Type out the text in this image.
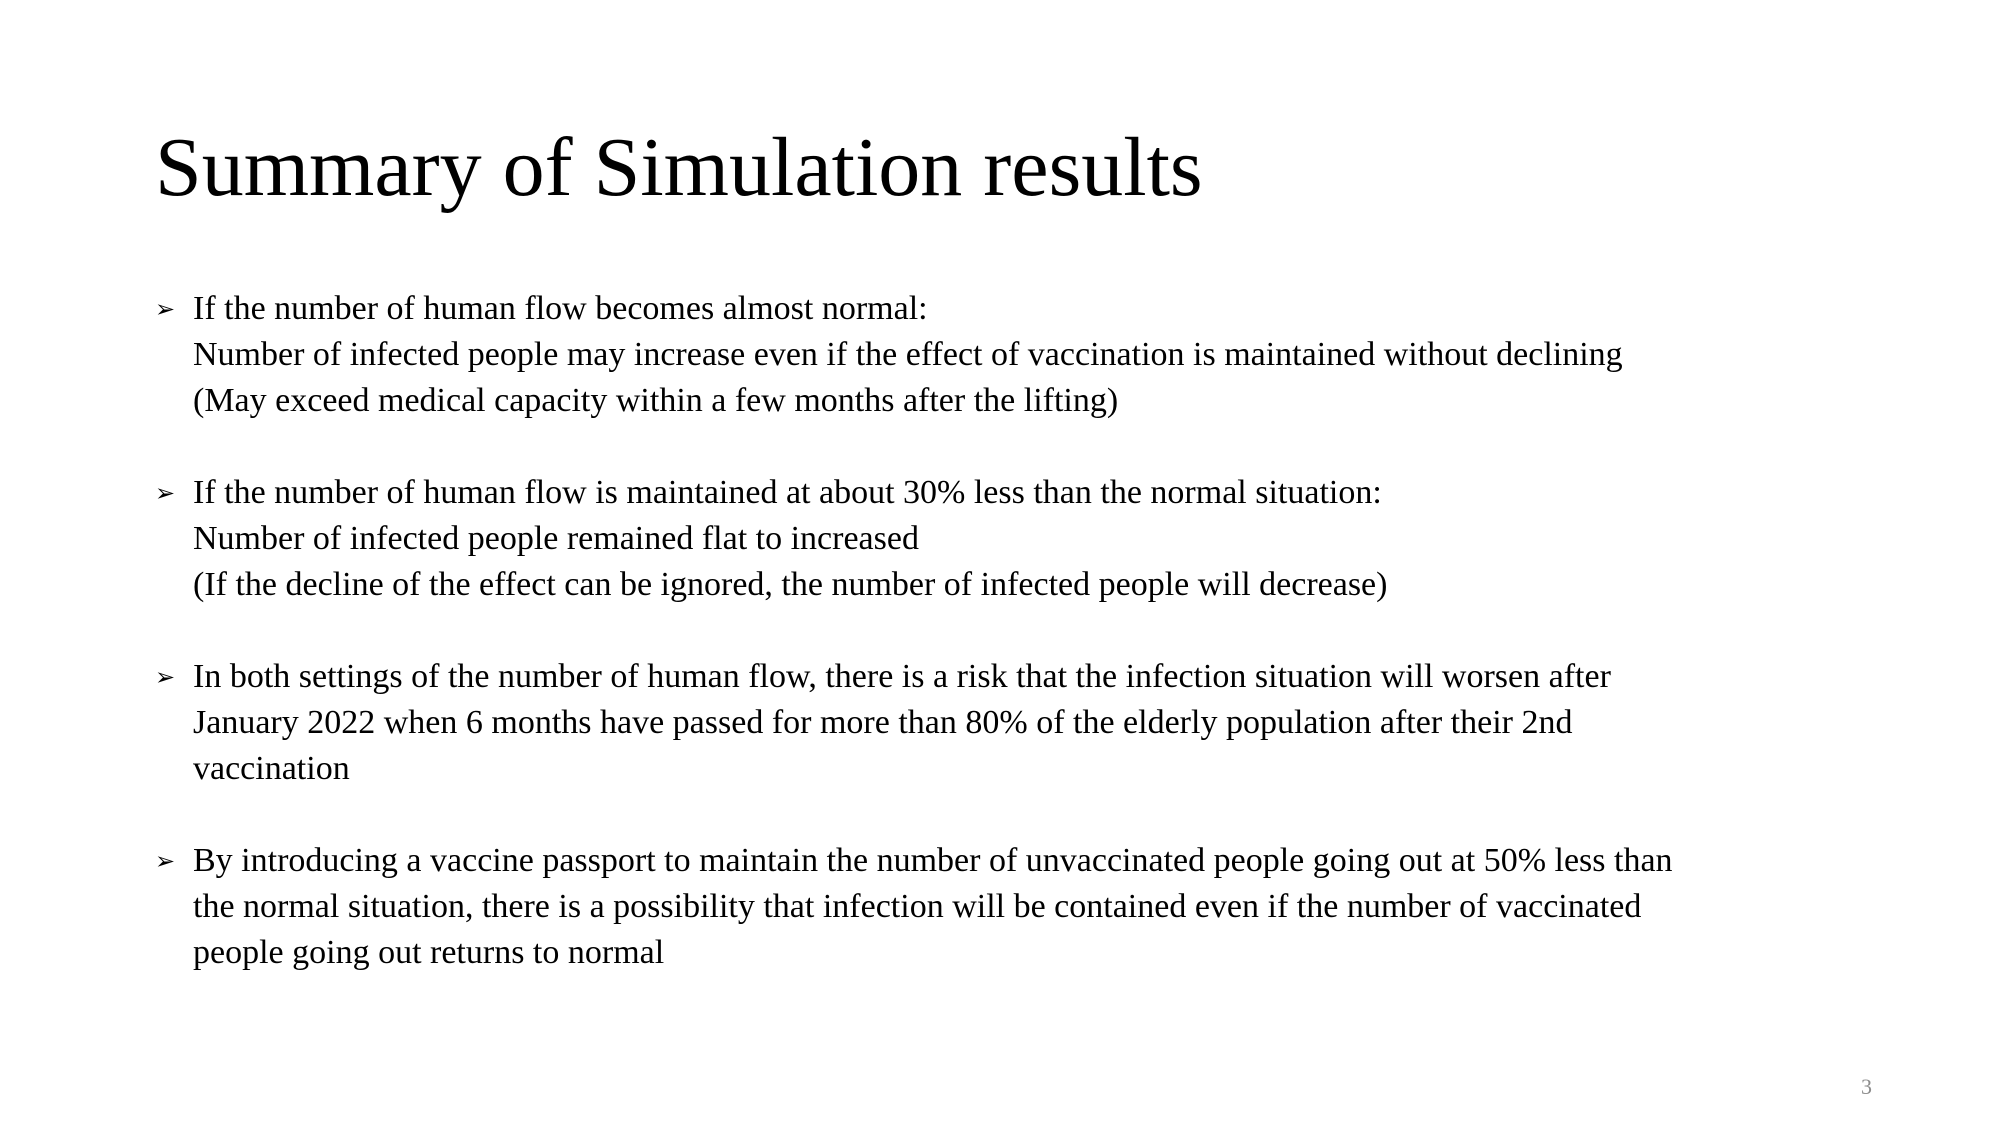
Summary of Simulation results
➢ If the number of human flow becomes almost normal:
Number of infected people may increase even if the effect of vaccination is maintained without declining
(May exceed medical capacity within a few months after the lifting)
➢ If the number of human flow is maintained at about 30% less than the normal situation:
Number of infected people remained flat to increased
(If the decline of the effect can be ignored, the number of infected people will decrease)
➢ In both settings of the number of human flow, there is a risk that the infection situation will worsen after
January 2022 when 6 months have passed for more than 80% of the elderly population after their 2nd
vaccination
➢ By introducing a vaccine passport to maintain the number of unvaccinated people going out at 50% less than
the normal situation, there is a possibility that infection will be contained even if the number of vaccinated
people going out returns to normal
3
